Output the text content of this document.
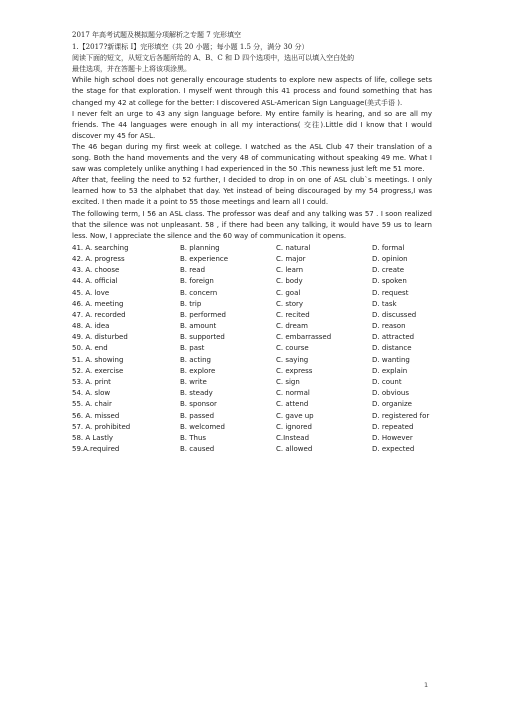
2017 年高考试题及模拟题分项解析之专题 7 完形填空
1.【2017?新课标 Ⅰ】完形填空（共 20 小题；每小题 1.5 分，满分 30 分）
阅读下面的短文，从短文后各题所给的 A、B、C 和 D 四个选项中，选出可以填入空白处的
最佳选项，并在答题卡上将该项涂黑。

While high school does not generally encourage students to explore new aspects of life, college sets the stage for that exploration. I myself went through this 41 process and found something that has changed my 42 at college for the better: I discovered ASL-American Sign Language(美式手语 ).

I never felt an urge to 43 any sign language before. My entire family is hearing, and so are all my friends. The 44 languages were enough in all my interactions( 交往).Little did I know that I would discover my 45 for ASL.

The 46 began during my first week at college. I watched as the ASL Club 47 their translation of a song. Both the hand movements and the very 48 of communicating without speaking 49 me. What I saw was completely unlike anything I had experienced in the 50 .This newness just left me 51 more.

After that, feeling the need to 52 further, I decided to drop in on one of ASL club`s meetings. I only learned how to 53 the alphabet that day. Yet instead of being discouraged by my 54 progress,I was excited. I then made it a point to 55 those meetings and learn all I could.

The following term, I 56 an ASL class. The professor was deaf and any talking was 57 . I soon realized that the silence was not unpleasant. 58 , if there had been any talking, it would have 59 us to learn less. Now, I appreciate the silence and the 60 way of communication it opens.

41. A. searching	B. planning	C. natural	D. formal
42. A. progress	B. experience	C. major	D. opinion
43. A. choose	B. read	C. learn	D. create
44. A. official	B. foreign	C. body	D. spoken
45. A. love	B. concern	C. goal	D. request
46. A. meeting	B. trip	C. story	D. task
47. A. recorded	B. performed	C. recited	D. discussed
48. A. idea	B. amount	C. dream	D. reason
49. A. disturbed	B. supported	C. embarrassed	D. attracted
50. A. end	B. past	C. course	D. distance
51. A. showing	B. acting	C. saying	D. wanting
52. A. exercise	B. explore	C. express	D. explain
53. A. print	B. write	C. sign	D. count
54. A. slow	B. steady	C. normal	D. obvious
55. A. chair	B. sponsor	C. attend	D. organize
56. A. missed	B. passed	C. gave up	D. registered for
57. A. prohibited	B. welcomed	C. ignored	D. repeated
58. A Lastly	B. Thus	C.Instead	D. However
59.A.required	B. caused	C. allowed	D. expected
1
